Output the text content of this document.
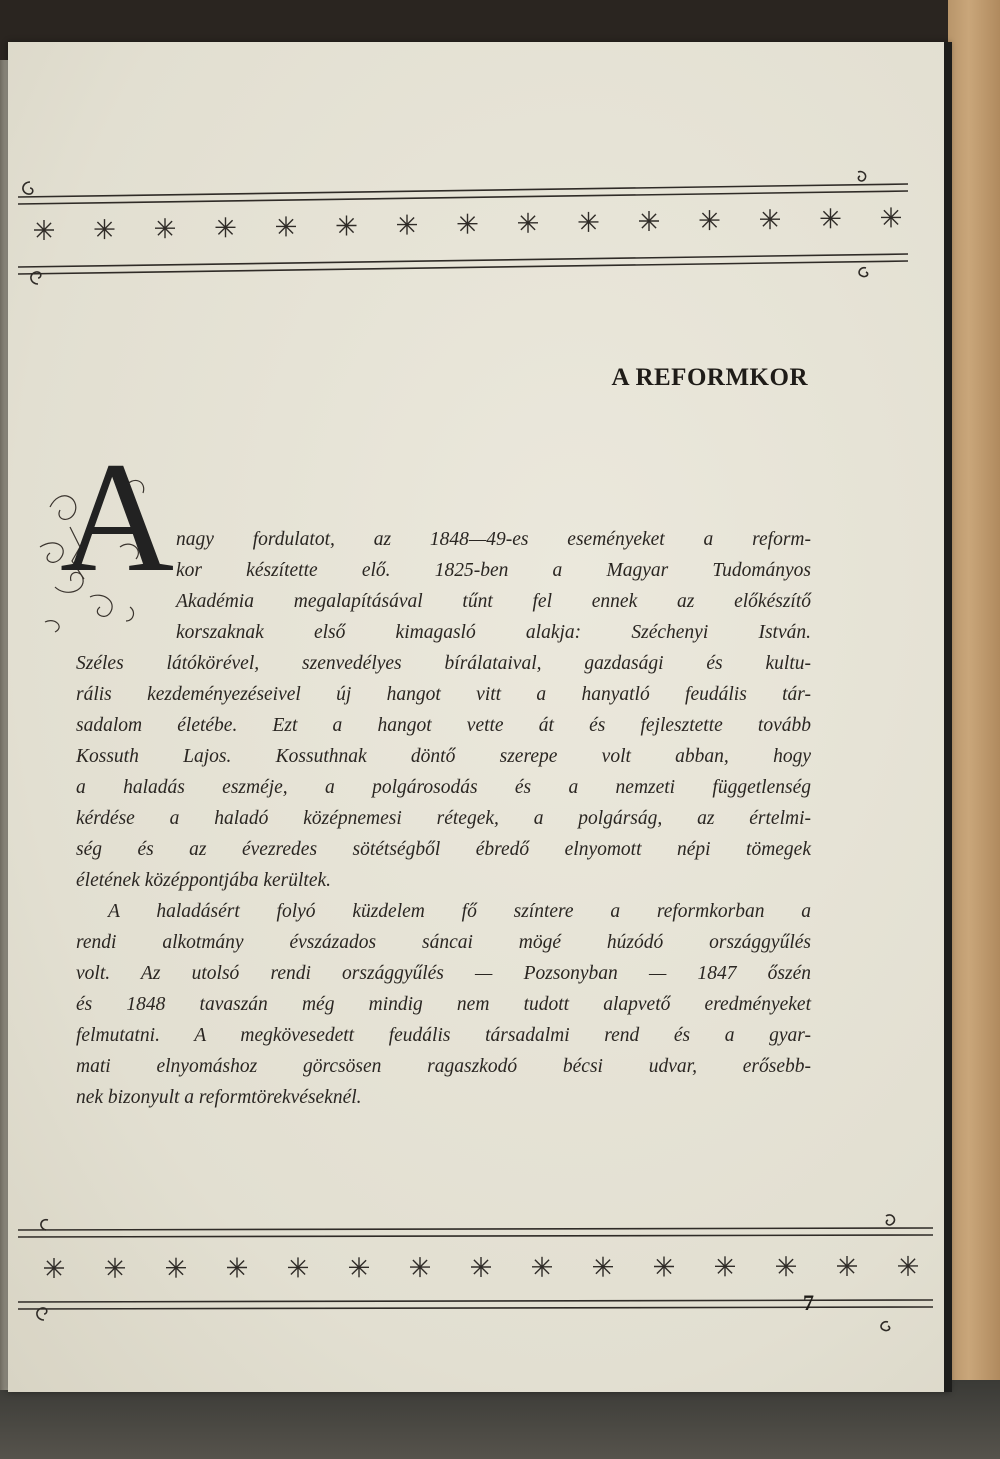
A REFORMKOR
A nagy fordulatot, az 1848—49-es eseményeket a reform-
kor készítette elő. 1825-ben a Magyar Tudományos
Akadémia megalapításával tűnt fel ennek az előkészítő
korszaknak első kimagasló alakja: Széchenyi István.
Széles látókörével, szenvedélyes bírálataival, gazdasági és kultu-
rális kezdeményezéseivel új hangot vitt a hanyatló feudális tár-
sadalom életébe. Ezt a hangot vette át és fejlesztette tovább
Kossuth Lajos. Kossuthnak döntő szerepe volt abban, hogy
a haladás eszméje, a polgárosodás és a nemzeti függetlenség
kérdése a haladó középnemesi rétegek, a polgárság, az értelmi-
ség és az évezredes sötétségből ébredő elnyomott népi tömegek
életének középpontjába kerültek.
A haladásért folyó küzdelem fő színtere a reformkorban a
rendi alkotmány évszázados sáncai mögé húzódó országgyűlés
volt. Az utolsó rendi országgyűlés — Pozsonyban — 1847 őszén
és 1848 tavaszán még mindig nem tudott alapvető eredményeket
felmutatni. A megkövesedett feudális társadalmi rend és a gyar-
mati elnyomáshoz görcsösen ragaszkodó bécsi udvar, erősebb-
nek bizonyult a reformtörekvéseknél.
7
